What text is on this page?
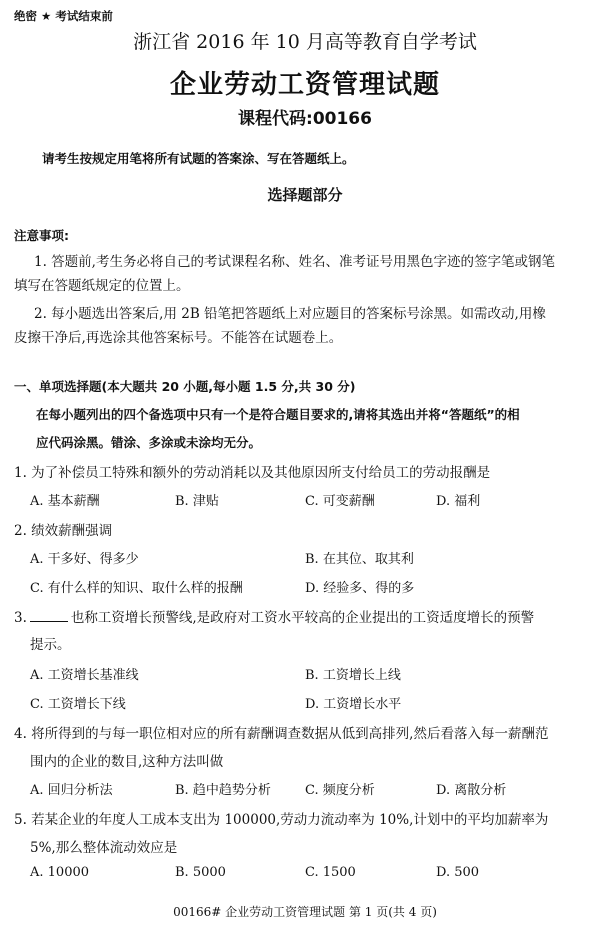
绝密 ★ 考试结束前
浙江省 2016 年 10 月高等教育自学考试
企业劳动工资管理试题
课程代码:00166
请考生按规定用笔将所有试题的答案涂、写在答题纸上。
选择题部分
注意事项:
1. 答题前,考生务必将自己的考试课程名称、姓名、准考证号用黑色字迹的签字笔或钢笔
填写在答题纸规定的位置上。
2. 每小题选出答案后,用 2B 铅笔把答题纸上对应题目的答案标号涂黑。如需改动,用橡
皮擦干净后,再选涂其他答案标号。不能答在试题卷上。
一、单项选择题(本大题共 20 小题,每小题 1.5 分,共 30 分)
在每小题列出的四个备选项中只有一个是符合题目要求的,请将其选出并将“答题纸”的相
应代码涂黑。错涂、多涂或未涂均无分。
1. 为了补偿员工特殊和额外的劳动消耗以及其他原因所支付给员工的劳动报酬是
A. 基本薪酬	B. 津贴	C. 可变薪酬	D. 福利
2. 绩效薪酬强调
A. 干多好、得多少	B. 在其位、取其利
C. 有什么样的知识、取什么样的报酬	D. 经验多、得的多
3.	也称工资增长预警线,是政府对工资水平较高的企业提出的工资适度增长的预警
提示。
A. 工资增长基准线	B. 工资增长上线
C. 工资增长下线	D. 工资增长水平
4. 将所得到的与每一职位相对应的所有薪酬调查数据从低到高排列,然后看落入每一薪酬范
围内的企业的数目,这种方法叫做
A. 回归分析法	B. 趋中趋势分析	C. 频度分析	D. 离散分析
5. 若某企业的年度人工成本支出为 100000,劳动力流动率为 10%,计划中的平均加薪率为
5%,那么整体流动效应是
A. 10000	B. 5000	C. 1500	D. 500
00166# 企业劳动工资管理试题 第 1 页(共 4 页)
